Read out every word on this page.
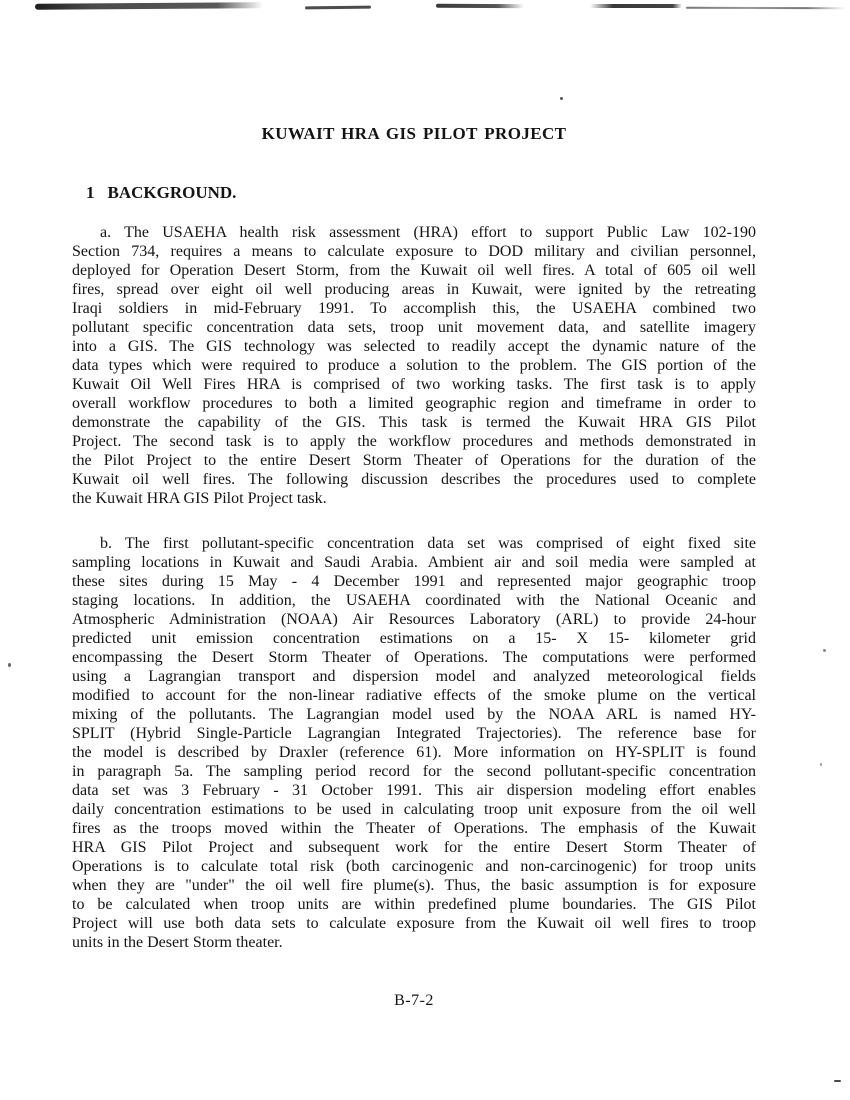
KUWAIT HRA GIS PILOT PROJECT
1 BACKGROUND.
a. The USAEHA health risk assessment (HRA) effort to support Public Law 102-190
Section 734, requires a means to calculate exposure to DOD military and civilian personnel,
deployed for Operation Desert Storm, from the Kuwait oil well fires. A total of 605 oil well
fires, spread over eight oil well producing areas in Kuwait, were ignited by the retreating
Iraqi soldiers in mid-February 1991. To accomplish this, the USAEHA combined two
pollutant specific concentration data sets, troop unit movement data, and satellite imagery
into a GIS. The GIS technology was selected to readily accept the dynamic nature of the
data types which were required to produce a solution to the problem. The GIS portion of the
Kuwait Oil Well Fires HRA is comprised of two working tasks. The first task is to apply
overall workflow procedures to both a limited geographic region and timeframe in order to
demonstrate the capability of the GIS. This task is termed the Kuwait HRA GIS Pilot
Project. The second task is to apply the workflow procedures and methods demonstrated in
the Pilot Project to the entire Desert Storm Theater of Operations for the duration of the
Kuwait oil well fires. The following discussion describes the procedures used to complete
the Kuwait HRA GIS Pilot Project task.
b. The first pollutant-specific concentration data set was comprised of eight fixed site
sampling locations in Kuwait and Saudi Arabia. Ambient air and soil media were sampled at
these sites during 15 May - 4 December 1991 and represented major geographic troop
staging locations. In addition, the USAEHA coordinated with the National Oceanic and
Atmospheric Administration (NOAA) Air Resources Laboratory (ARL) to provide 24-hour
predicted unit emission concentration estimations on a 15- X 15- kilometer grid
encompassing the Desert Storm Theater of Operations. The computations were performed
using a Lagrangian transport and dispersion model and analyzed meteorological fields
modified to account for the non-linear radiative effects of the smoke plume on the vertical
mixing of the pollutants. The Lagrangian model used by the NOAA ARL is named HY-
SPLIT (Hybrid Single-Particle Lagrangian Integrated Trajectories). The reference base for
the model is described by Draxler (reference 61). More information on HY-SPLIT is found
in paragraph 5a. The sampling period record for the second pollutant-specific concentration
data set was 3 February - 31 October 1991. This air dispersion modeling effort enables
daily concentration estimations to be used in calculating troop unit exposure from the oil well
fires as the troops moved within the Theater of Operations. The emphasis of the Kuwait
HRA GIS Pilot Project and subsequent work for the entire Desert Storm Theater of
Operations is to calculate total risk (both carcinogenic and non-carcinogenic) for troop units
when they are "under" the oil well fire plume(s). Thus, the basic assumption is for exposure
to be calculated when troop units are within predefined plume boundaries. The GIS Pilot
Project will use both data sets to calculate exposure from the Kuwait oil well fires to troop
units in the Desert Storm theater.
B-7-2
